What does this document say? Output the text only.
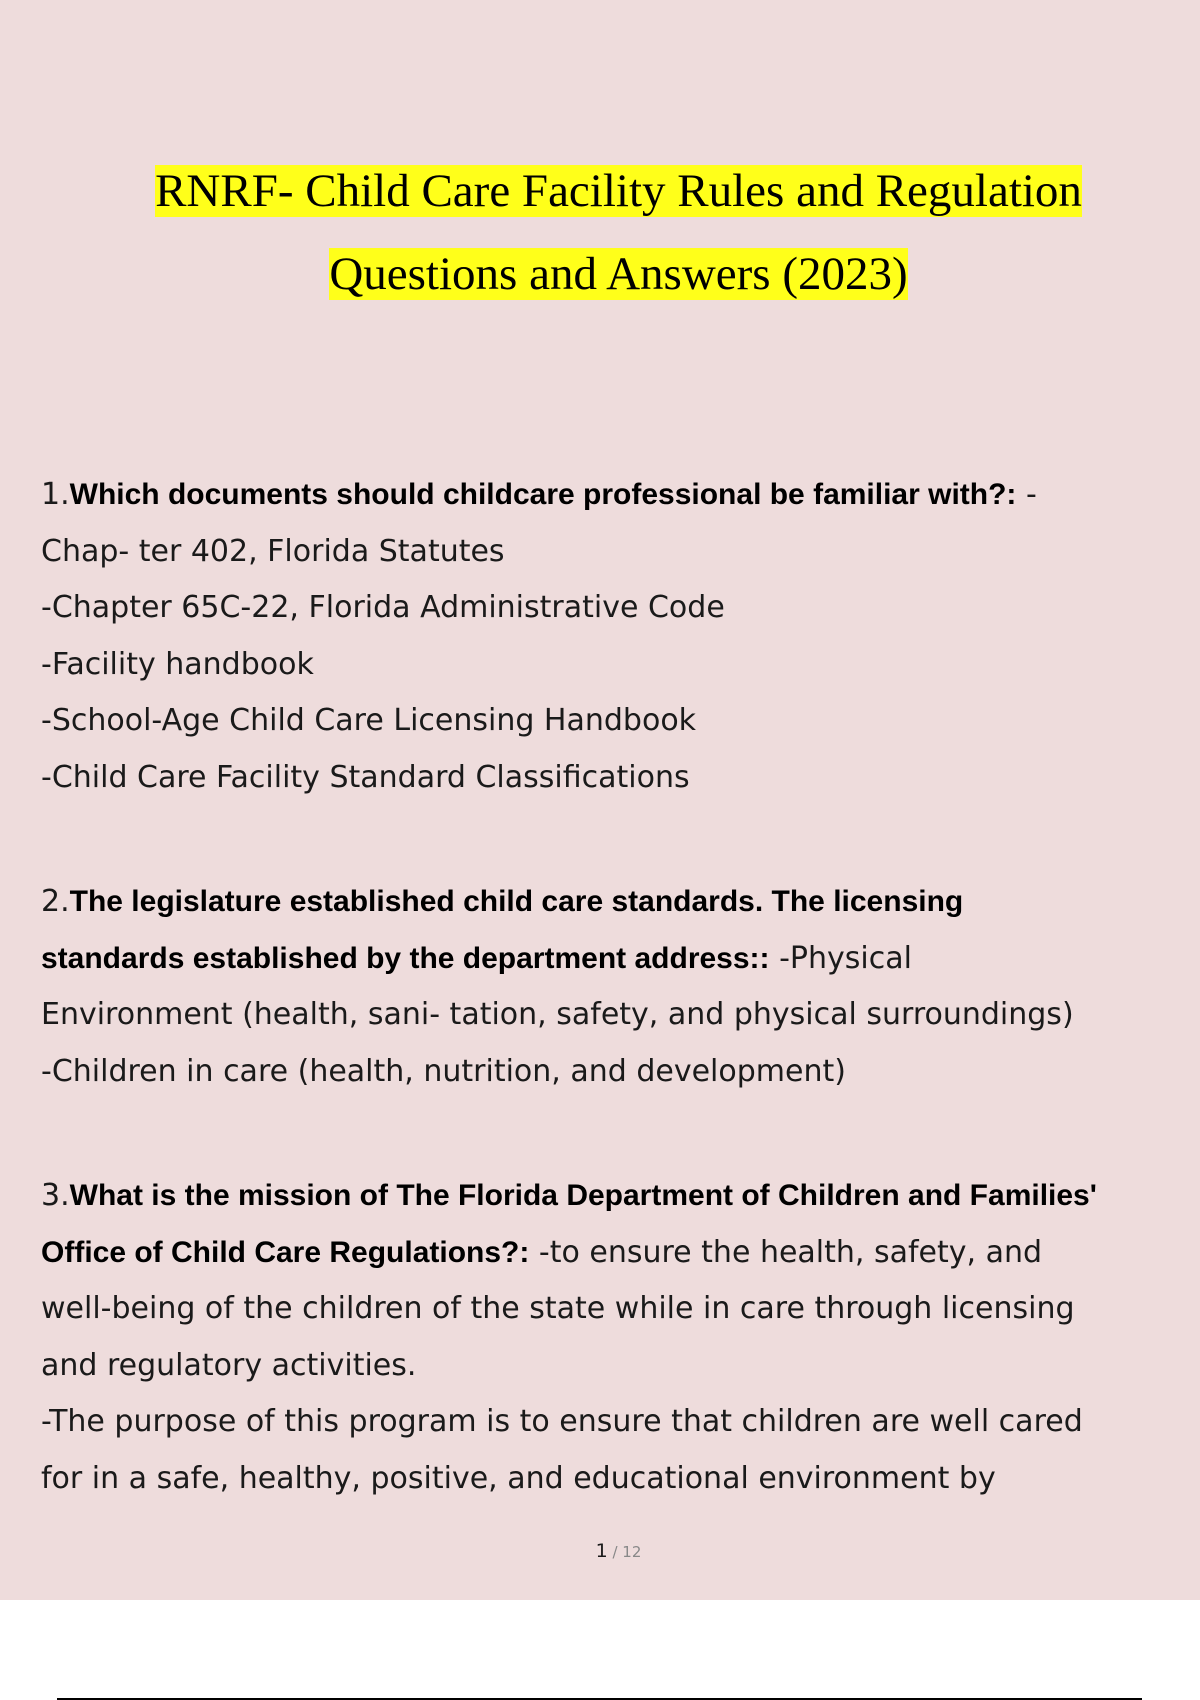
RNRF- Child Care Facility Rules and Regulation
Questions and Answers (2023)
1.Which documents should childcare professional be familiar with?: -
Chap- ter 402, Florida Statutes
-Chapter 65C-22, Florida Administrative Code
-Facility handbook
-School-Age Child Care Licensing Handbook
-Child Care Facility Standard Classifications
2.The legislature established child care standards. The licensing
standards established by the department address:: -Physical
Environment (health, sani- tation, safety, and physical surroundings)
-Children in care (health, nutrition, and development)
3.What is the mission of The Florida Department of Children and Families'
Office of Child Care Regulations?: -to ensure the health, safety, and
well-being of the children of the state while in care through licensing
and regulatory activities.
-The purpose of this program is to ensure that children are well cared
for in a safe, healthy, positive, and educational environment by
1 / 12
